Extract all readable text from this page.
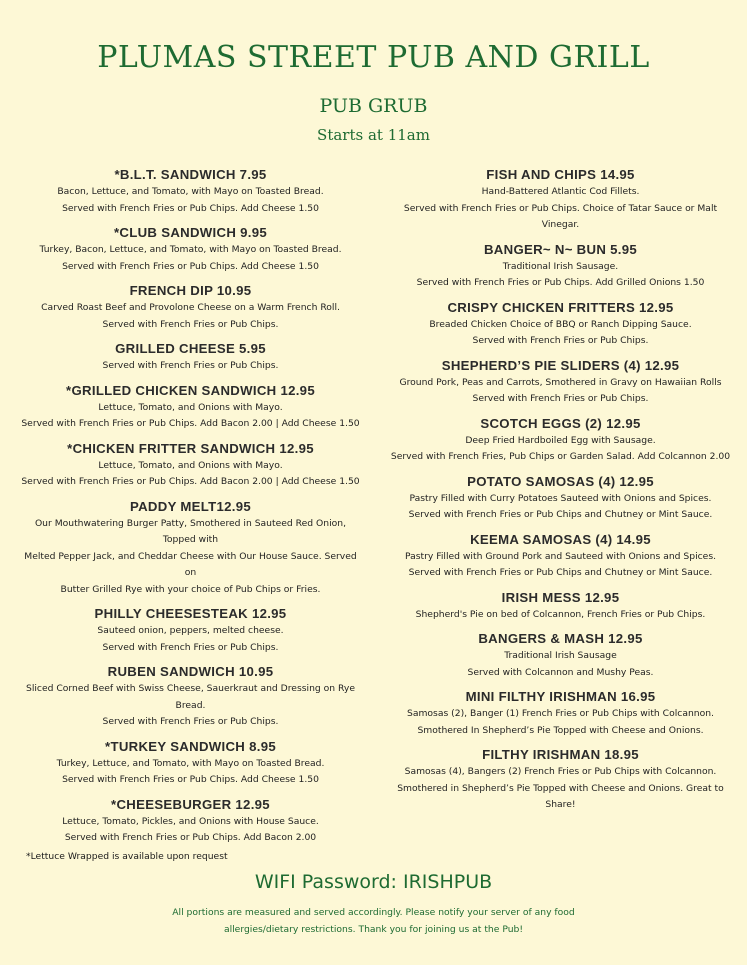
PLUMAS STREET PUB AND GRILL
PUB GRUB
Starts at 11am
*B.L.T. SANDWICH 7.95
Bacon, Lettuce, and Tomato, with Mayo on Toasted Bread.
Served with French Fries or Pub Chips. Add Cheese 1.50
*CLUB SANDWICH 9.95
Turkey, Bacon, Lettuce, and Tomato, with Mayo on Toasted Bread.
Served with French Fries or Pub Chips. Add Cheese 1.50
FRENCH DIP 10.95
Carved Roast Beef and Provolone Cheese on a Warm French Roll.
Served with French Fries or Pub Chips.
GRILLED CHEESE 5.95
Served with French Fries or Pub Chips.
*GRILLED CHICKEN SANDWICH 12.95
Lettuce, Tomato, and Onions with Mayo.
Served with French Fries or Pub Chips. Add Bacon 2.00 | Add Cheese 1.50
*CHICKEN FRITTER SANDWICH 12.95
Lettuce, Tomato, and Onions with Mayo.
Served with French Fries or Pub Chips. Add Bacon 2.00 | Add Cheese 1.50
PADDY MELT12.95
Our Mouthwatering Burger Patty, Smothered in Sauteed Red Onion, Topped with
Melted Pepper Jack, and Cheddar Cheese with Our House Sauce. Served on
Butter Grilled Rye with your choice of Pub Chips or Fries.
PHILLY CHEESESTEAK 12.95
Sauteed onion, peppers, melted cheese.
Served with French Fries or Pub Chips.
RUBEN SANDWICH 10.95
Sliced Corned Beef with Swiss Cheese, Sauerkraut and Dressing on Rye Bread.
Served with French Fries or Pub Chips.
*TURKEY SANDWICH 8.95
Turkey, Lettuce, and Tomato, with Mayo on Toasted Bread.
Served with French Fries or Pub Chips. Add Cheese 1.50
*CHEESEBURGER 12.95
Lettuce, Tomato, Pickles, and Onions with House Sauce.
Served with French Fries or Pub Chips. Add Bacon 2.00
*Lettuce Wrapped is available upon request
FISH AND CHIPS 14.95
Hand-Battered Atlantic Cod Fillets.
Served with French Fries or Pub Chips. Choice of Tatar Sauce or Malt Vinegar.
BANGER~ N~ BUN 5.95
Traditional Irish Sausage.
Served with French Fries or Pub Chips. Add Grilled Onions 1.50
CRISPY CHICKEN FRITTERS 12.95
Breaded Chicken Choice of BBQ or Ranch Dipping Sauce.
Served with French Fries or Pub Chips.
SHEPHERD’S PIE SLIDERS (4) 12.95
Ground Pork, Peas and Carrots, Smothered in Gravy on Hawaiian Rolls
Served with French Fries or Pub Chips.
SCOTCH EGGS (2) 12.95
Deep Fried Hardboiled Egg with Sausage.
Served with French Fries, Pub Chips or Garden Salad. Add Colcannon 2.00
POTATO SAMOSAS (4) 12.95
Pastry Filled with Curry Potatoes Sauteed with Onions and Spices.
Served with French Fries or Pub Chips and Chutney or Mint Sauce.
KEEMA SAMOSAS (4) 14.95
Pastry Filled with Ground Pork and Sauteed with Onions and Spices.
Served with French Fries or Pub Chips and Chutney or Mint Sauce.
IRISH MESS 12.95
Shepherd's Pie on bed of Colcannon, French Fries or Pub Chips.
BANGERS & MASH 12.95
Traditional Irish Sausage
Served with Colcannon and Mushy Peas.
MINI FILTHY IRISHMAN 16.95
Samosas (2), Banger (1) French Fries or Pub Chips with Colcannon.
Smothered In Shepherd’s Pie Topped with Cheese and Onions.
FILTHY IRISHMAN 18.95
Samosas (4), Bangers (2) French Fries or Pub Chips with Colcannon.
Smothered in Shepherd’s Pie Topped with Cheese and Onions. Great to Share!
WIFI Password: IRISHPUB
All portions are measured and served accordingly. Please notify your server of any food
allergies/dietary restrictions. Thank you for joining us at the Pub!
